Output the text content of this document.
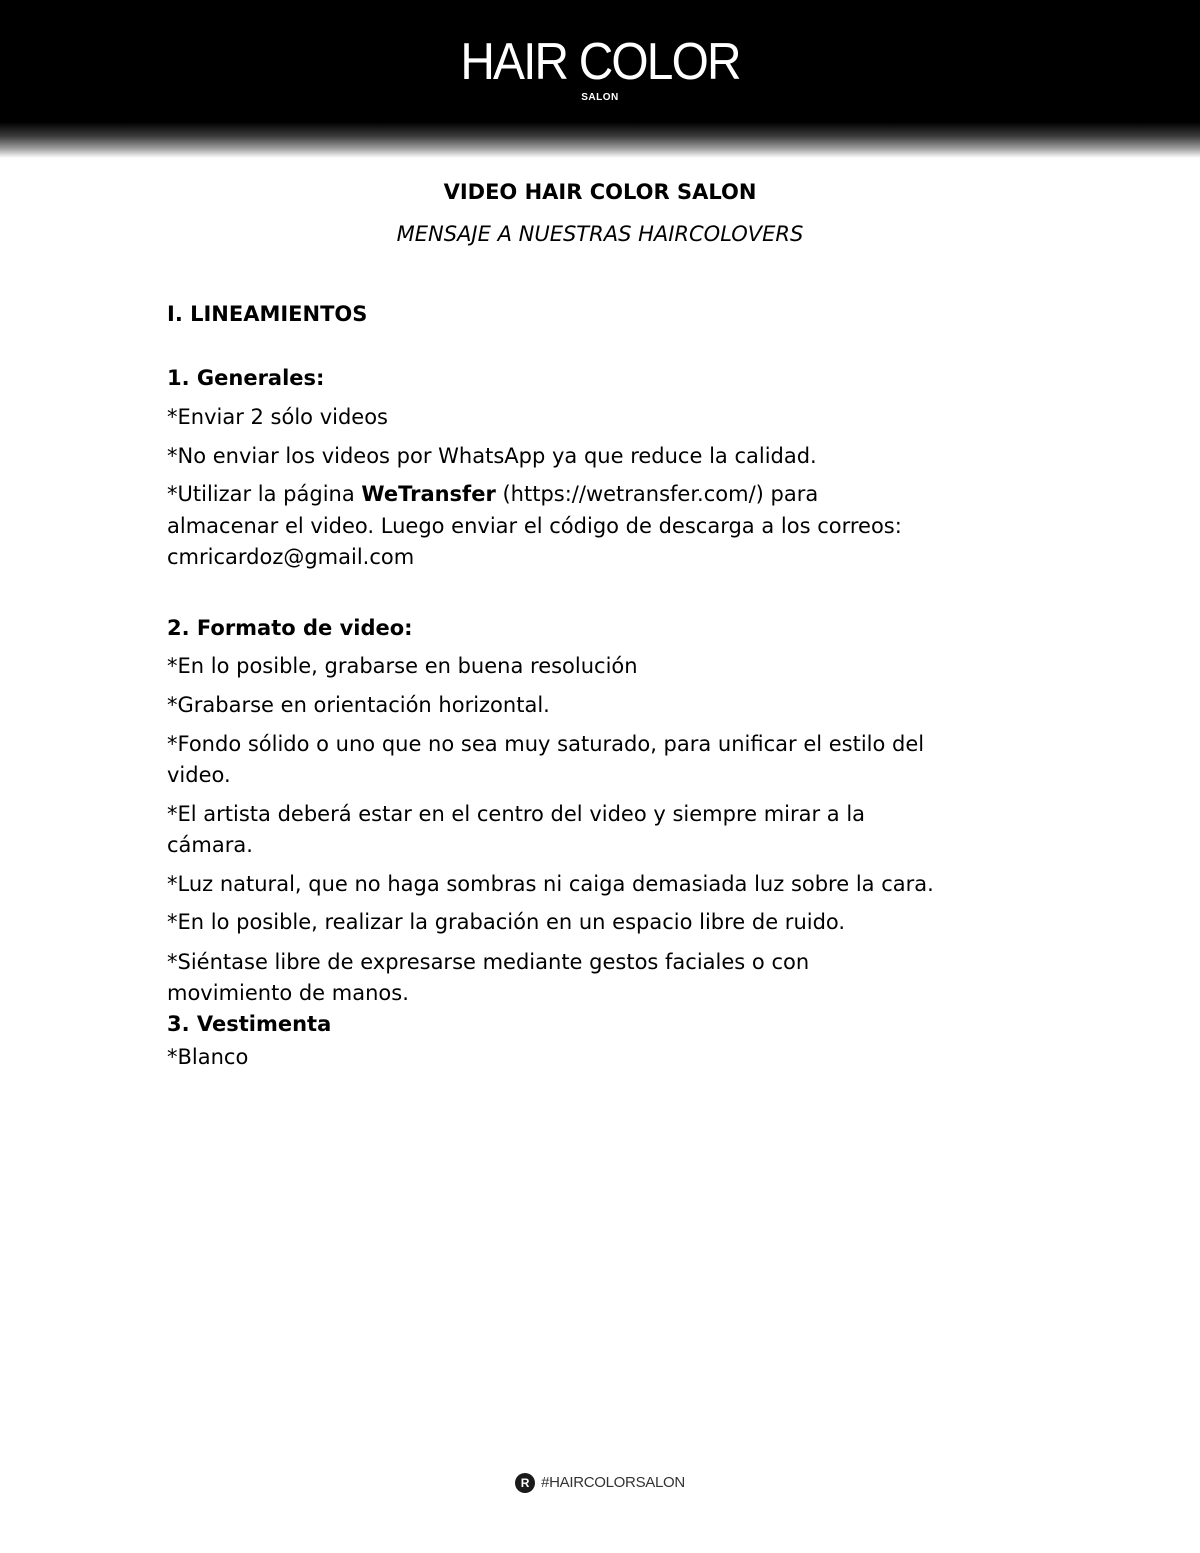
HAIR COLOR
SALON
VIDEO HAIR COLOR SALON
MENSAJE A NUESTRAS HAIRCOLOVERS
I. LINEAMIENTOS
1. Generales:
*Enviar 2 sólo videos
*No enviar los videos por WhatsApp ya que reduce la calidad.
*Utilizar la página WeTransfer (https://wetransfer.com/) para
almacenar el video. Luego enviar el código de descarga a los correos:
cmricardoz@gmail.com
2. Formato de video:
*En lo posible, grabarse en buena resolución
*Grabarse en orientación horizontal.
*Fondo sólido o uno que no sea muy saturado, para unificar el estilo del
video.
*El artista deberá estar en el centro del video y siempre mirar a la
cámara.
*Luz natural, que no haga sombras ni caiga demasiada luz sobre la cara.
*En lo posible, realizar la grabación en un espacio libre de ruido.
*Siéntase libre de expresarse mediante gestos faciales o con
movimiento de manos.
3. Vestimenta
*Blanco
R #HAIRCOLORSALON
